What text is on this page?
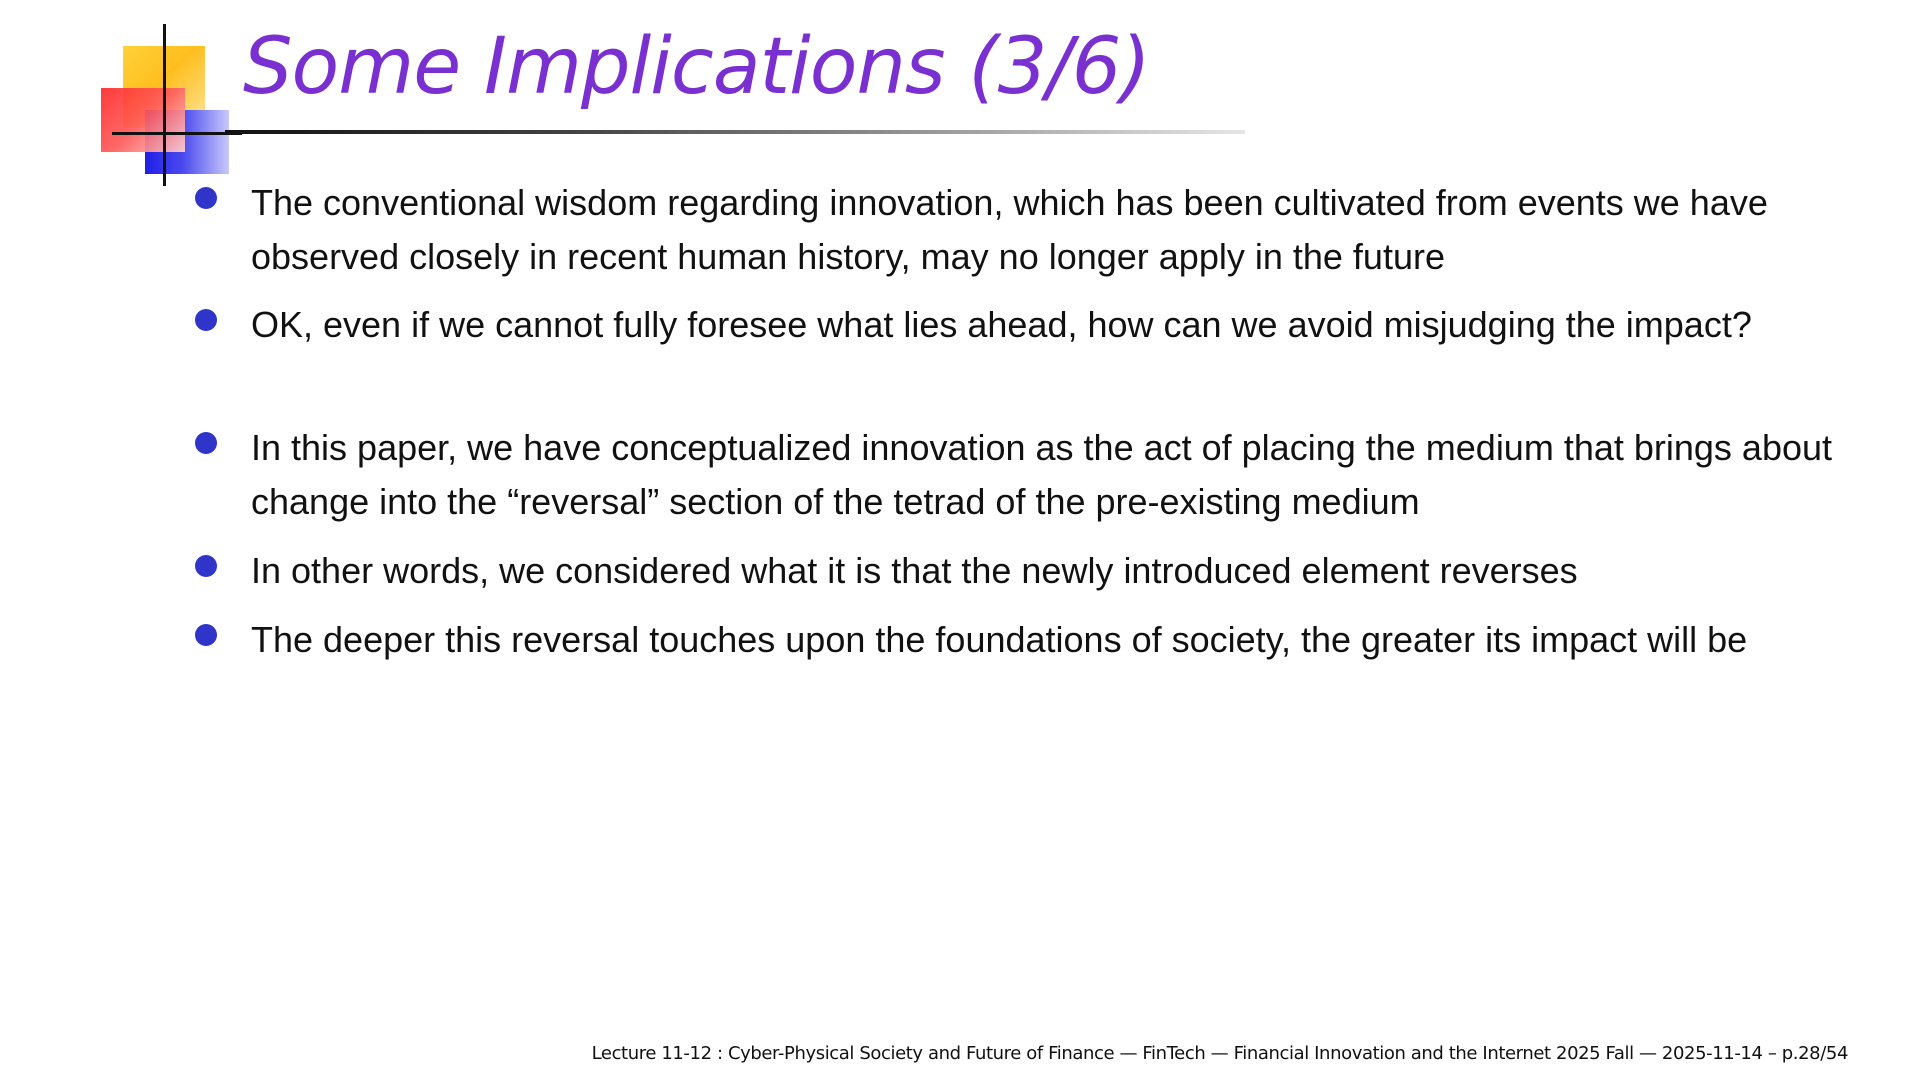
Some Implications (3/6)
The conventional wisdom regarding innovation, which has been cultivated from events we have observed closely in recent human history, may no longer apply in the future
OK, even if we cannot fully foresee what lies ahead, how can we avoid misjudging the impact?
In this paper, we have conceptualized innovation as the act of placing the medium that brings about change into the “reversal” section of the tetrad of the pre-existing medium
In other words, we considered what it is that the newly introduced element reverses
The deeper this reversal touches upon the foundations of society, the greater its impact will be
Lecture 11-12 : Cyber-Physical Society and Future of Finance — FinTech — Financial Innovation and the Internet 2025 Fall — 2025-11-14 – p.28/54
